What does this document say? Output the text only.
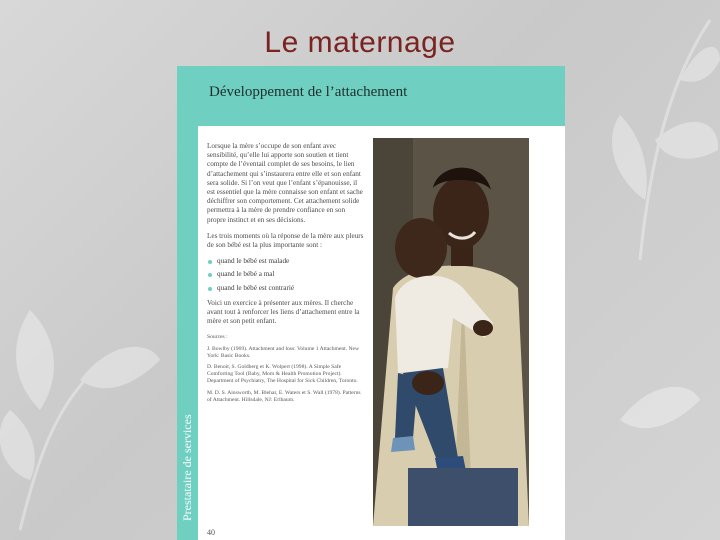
Le maternage
Développement de l’attachement
Prestataire de services

Lorsque la mère s’occupe de son enfant avec sensibilité, qu’elle lui apporte son soutien et tient compte de l’éventail complet de ses besoins, le lien d’attachement qui s’instaurera entre elle et son enfant sera solide. Si l’on veut que l’enfant s’épanouisse, il est essentiel que la mère connaisse son enfant et sache déchiffrer son comportement. Cet attachement solide permettra à la mère de prendre confiance en son propre instinct et en ses décisions.

Les trois moments où la réponse de la mère aux pleurs de son bébé est la plus importante sont :

quand le bébé est malade
quand le bébé a mal
quand le bébé est contrarié

Voici un exercice à présenter aux mères. Il cherche avant tout à renforcer les liens d’attachement entre la mère et son petit enfant.

Sources :
J. Bowlby (1969). Attachment and loss: Volume 1 Attachment. New York: Basic Books.
D. Benoit, S. Goldberg et K. Wolpert (1998). A Simple Safe Comforting Tool (Baby, Mom & Health Promotion Project). Department of Psychiatry, The Hospital for Sick Children, Toronto.
M. D. S. Ainsworth, M. Blehar, E. Waters et S. Wall (1978). Patterns of Attachment. Hillsdale, NJ: Erlbaum.
40
